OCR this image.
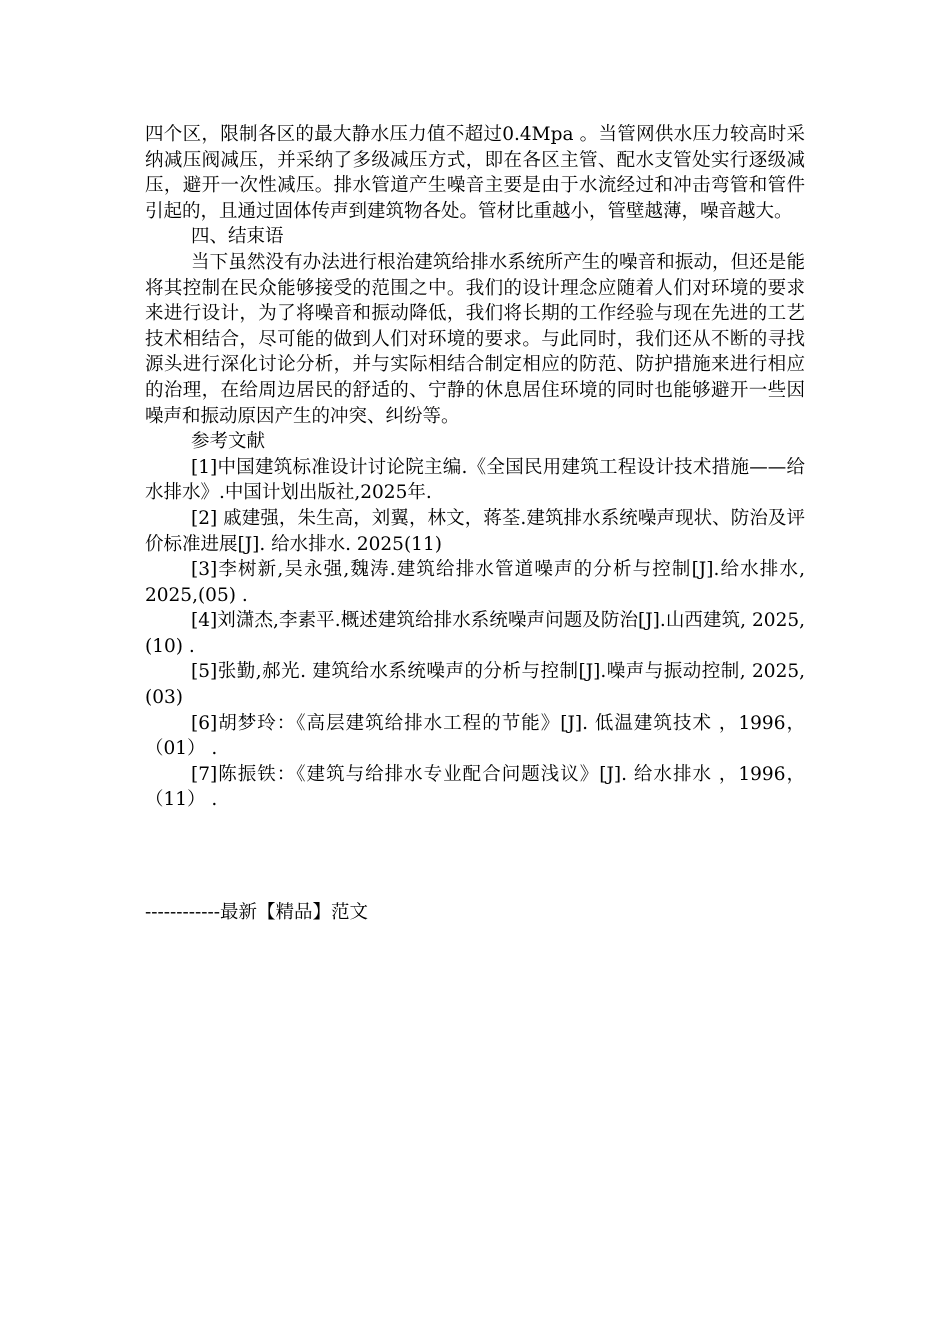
四个区，限制各区的最大静水压力值不超过0.4Mpa 。当管网供水压力较高时采纳减压阀减压，并采纳了多级减压方式，即在各区主管、配水支管处实行逐级减压，避开一次性减压。排水管道产生噪音主要是由于水流经过和冲击弯管和管件引起的，且通过固体传声到建筑物各处。管材比重越小，管壁越薄，噪音越大。

四、结束语

当下虽然没有办法进行根治建筑给排水系统所产生的噪音和振动，但还是能将其控制在民众能够接受的范围之中。我们的设计理念应随着人们对环境的要求来进行设计，为了将噪音和振动降低，我们将长期的工作经验与现在先进的工艺技术相结合，尽可能的做到人们对环境的要求。与此同时，我们还从不断的寻找源头进行深化讨论分析，并与实际相结合制定相应的防范、防护措施来进行相应的治理，在给周边居民的舒适的、宁静的休息居住环境的同时也能够避开一些因噪声和振动原因产生的冲突、纠纷等。

参考文献

[1]中国建筑标准设计讨论院主编.《全国民用建筑工程设计技术措施——给水排水》.中国计划出版社,2025年.

[2] 戚建强，朱生高，刘翼，林文，蒋荃.建筑排水系统噪声现状、防治及评价标准进展[J]. 给水排水. 2025(11)

[3]李树新,吴永强,魏涛.建筑给排水管道噪声的分析与控制[J].给水排水, 2025,(05) .

[4]刘潇杰,李素平.概述建筑给排水系统噪声问题及防治[J].山西建筑, 2025,(10) .

[5]张勤,郝光. 建筑给水系统噪声的分析与控制[J].噪声与振动控制, 2025,(03)

[6]胡梦玲：《高层建筑给排水工程的节能》[J]. 低温建筑技术 ，1996，（01） .

[7]陈振铁：《建筑与给排水专业配合问题浅议》[J]. 给水排水 ，1996，（11） .

------------最新【精品】范文
